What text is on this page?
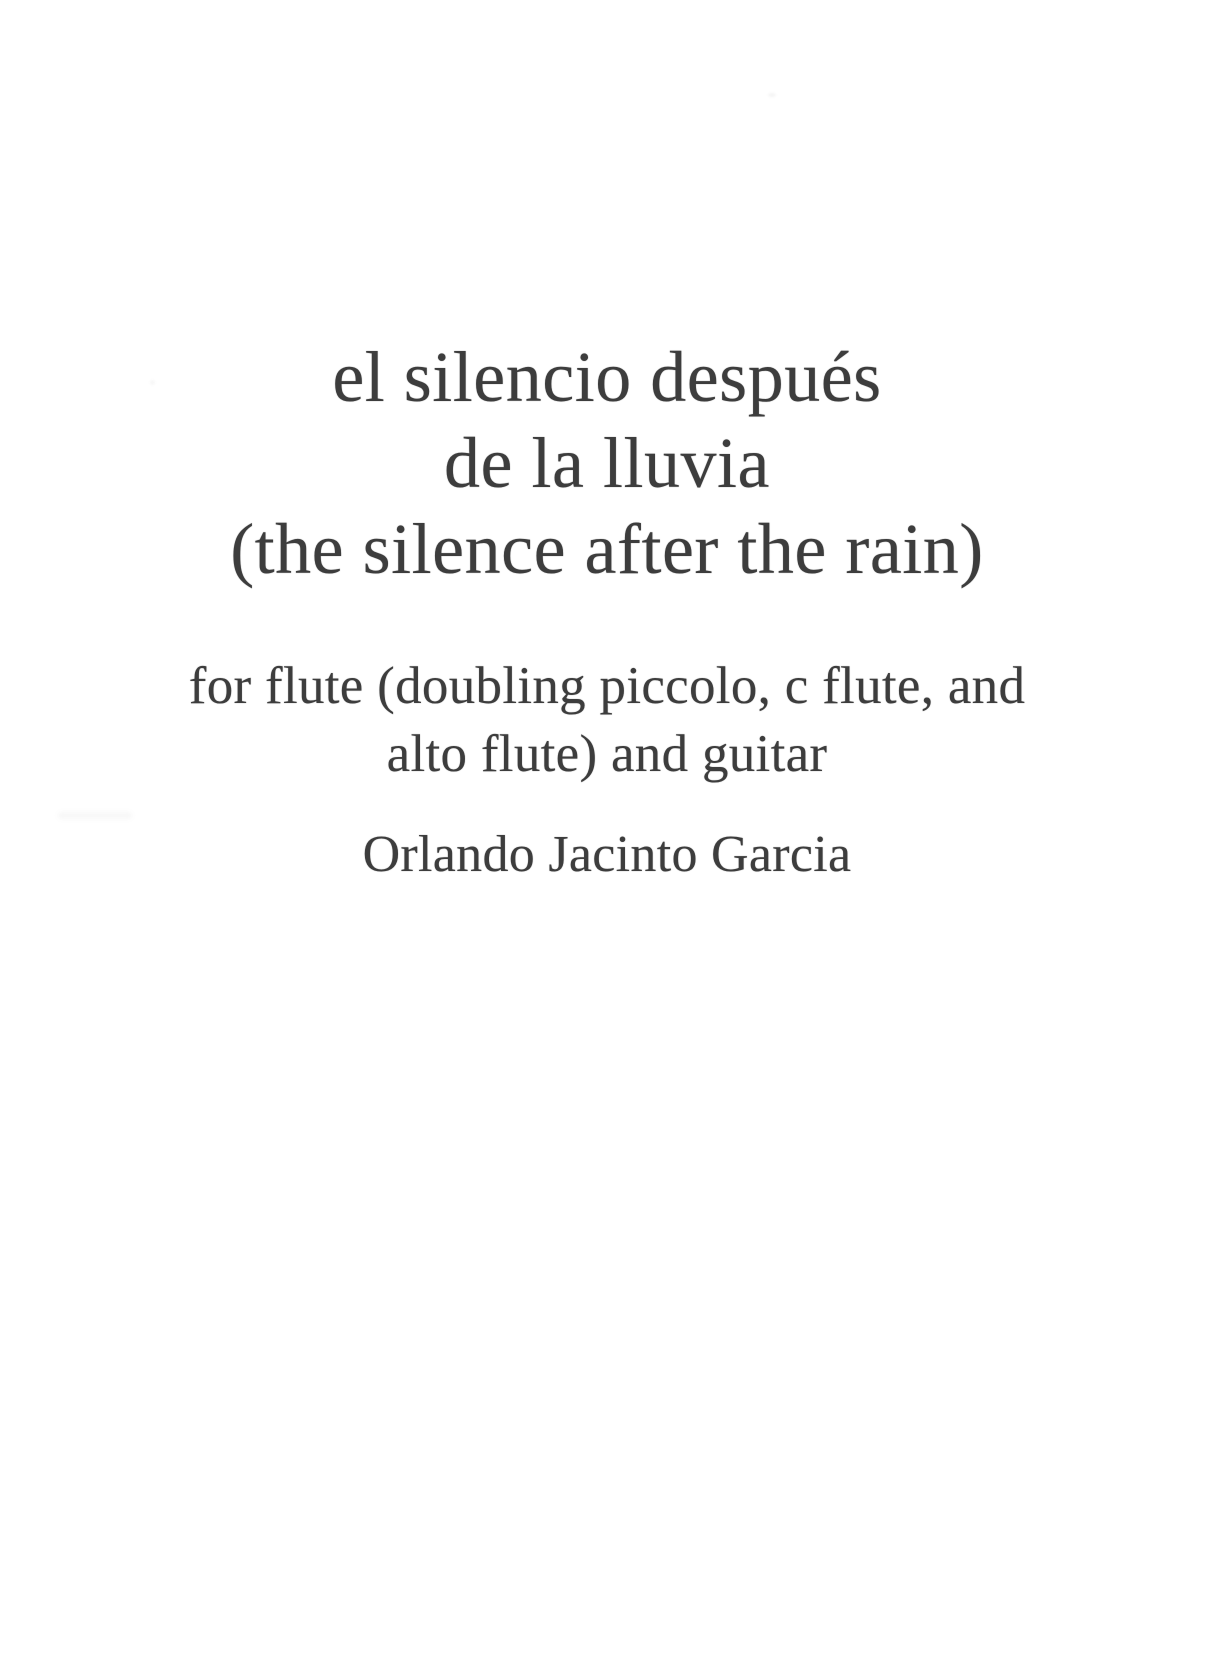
el silencio después
de la lluvia
(the silence after the rain)
for flute (doubling piccolo, c flute, and
alto flute) and guitar
Orlando Jacinto Garcia
